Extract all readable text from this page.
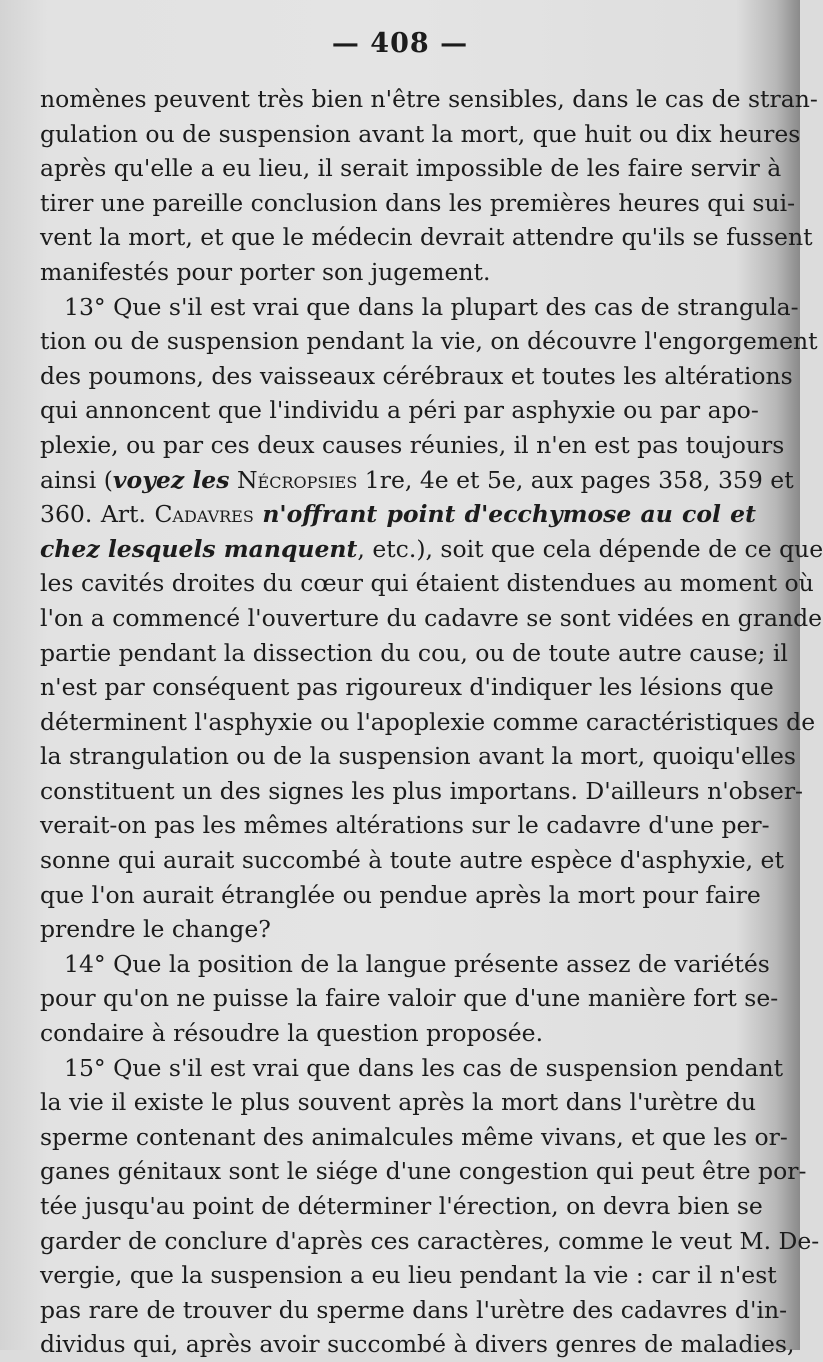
— 408 —
nomènes peuvent très bien n'être sensibles, dans le cas de stran-
gulation ou de suspension avant la mort, que huit ou dix heures
après qu'elle a eu lieu, il serait impossible de les faire servir à
tirer une pareille conclusion dans les premières heures qui sui-
vent la mort, et que le médecin devrait attendre qu'ils se fussent
manifestés pour porter son jugement.
13° Que s'il est vrai que dans la plupart des cas de strangula-
tion ou de suspension pendant la vie, on découvre l'engorgement
des poumons, des vaisseaux cérébraux et toutes les altérations
qui annoncent que l'individu a péri par asphyxie ou par apo-
plexie, ou par ces deux causes réunies, il n'en est pas toujours
ainsi (voyez les Nécropsies 1re, 4e et 5e, aux pages 358, 359 et
360. Art. Cadavres n'offrant point d'ecchymose au col et
chez lesquels manquent, etc.), soit que cela dépende de ce que
les cavités droites du cœur qui étaient distendues au moment où
l'on a commencé l'ouverture du cadavre se sont vidées en grande
partie pendant la dissection du cou, ou de toute autre cause; il
n'est par conséquent pas rigoureux d'indiquer les lésions que
déterminent l'asphyxie ou l'apoplexie comme caractéristiques de
la strangulation ou de la suspension avant la mort, quoiqu'elles
constituent un des signes les plus importans. D'ailleurs n'obser-
verait-on pas les mêmes altérations sur le cadavre d'une per-
sonne qui aurait succombé à toute autre espèce d'asphyxie, et
que l'on aurait étranglée ou pendue après la mort pour faire
prendre le change?
14° Que la position de la langue présente assez de variétés
pour qu'on ne puisse la faire valoir que d'une manière fort se-
condaire à résoudre la question proposée.
15° Que s'il est vrai que dans les cas de suspension pendant
la vie il existe le plus souvent après la mort dans l'urètre du
sperme contenant des animalcules même vivans, et que les or-
ganes génitaux sont le siége d'une congestion qui peut être por-
tée jusqu'au point de déterminer l'érection, on devra bien se
garder de conclure d'après ces caractères, comme le veut M. De-
vergie, que la suspension a eu lieu pendant la vie : car il n'est
pas rare de trouver du sperme dans l'urètre des cadavres d'in-
dividus qui, après avoir succombé à divers genres de maladies,
